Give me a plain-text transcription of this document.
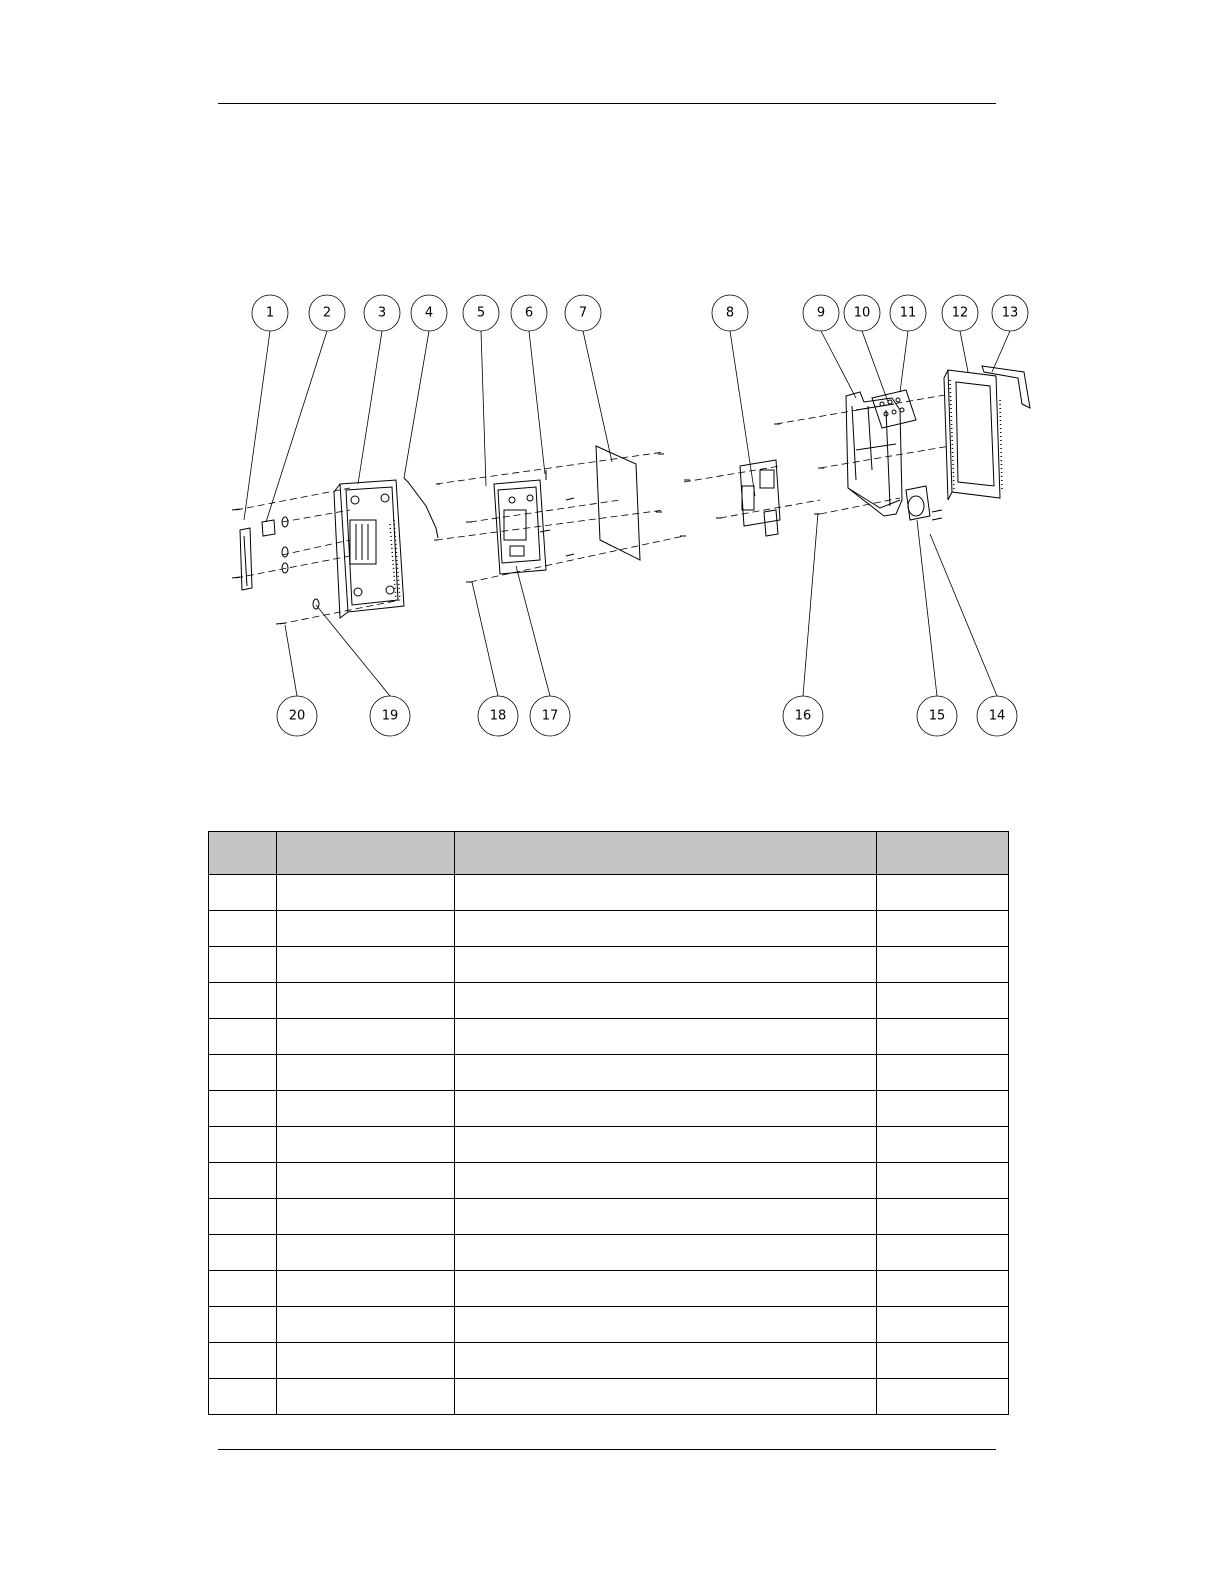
1	2	3	4	5	6	7	8	9 10 11	12	13
14
15
16
17
18
19
20
